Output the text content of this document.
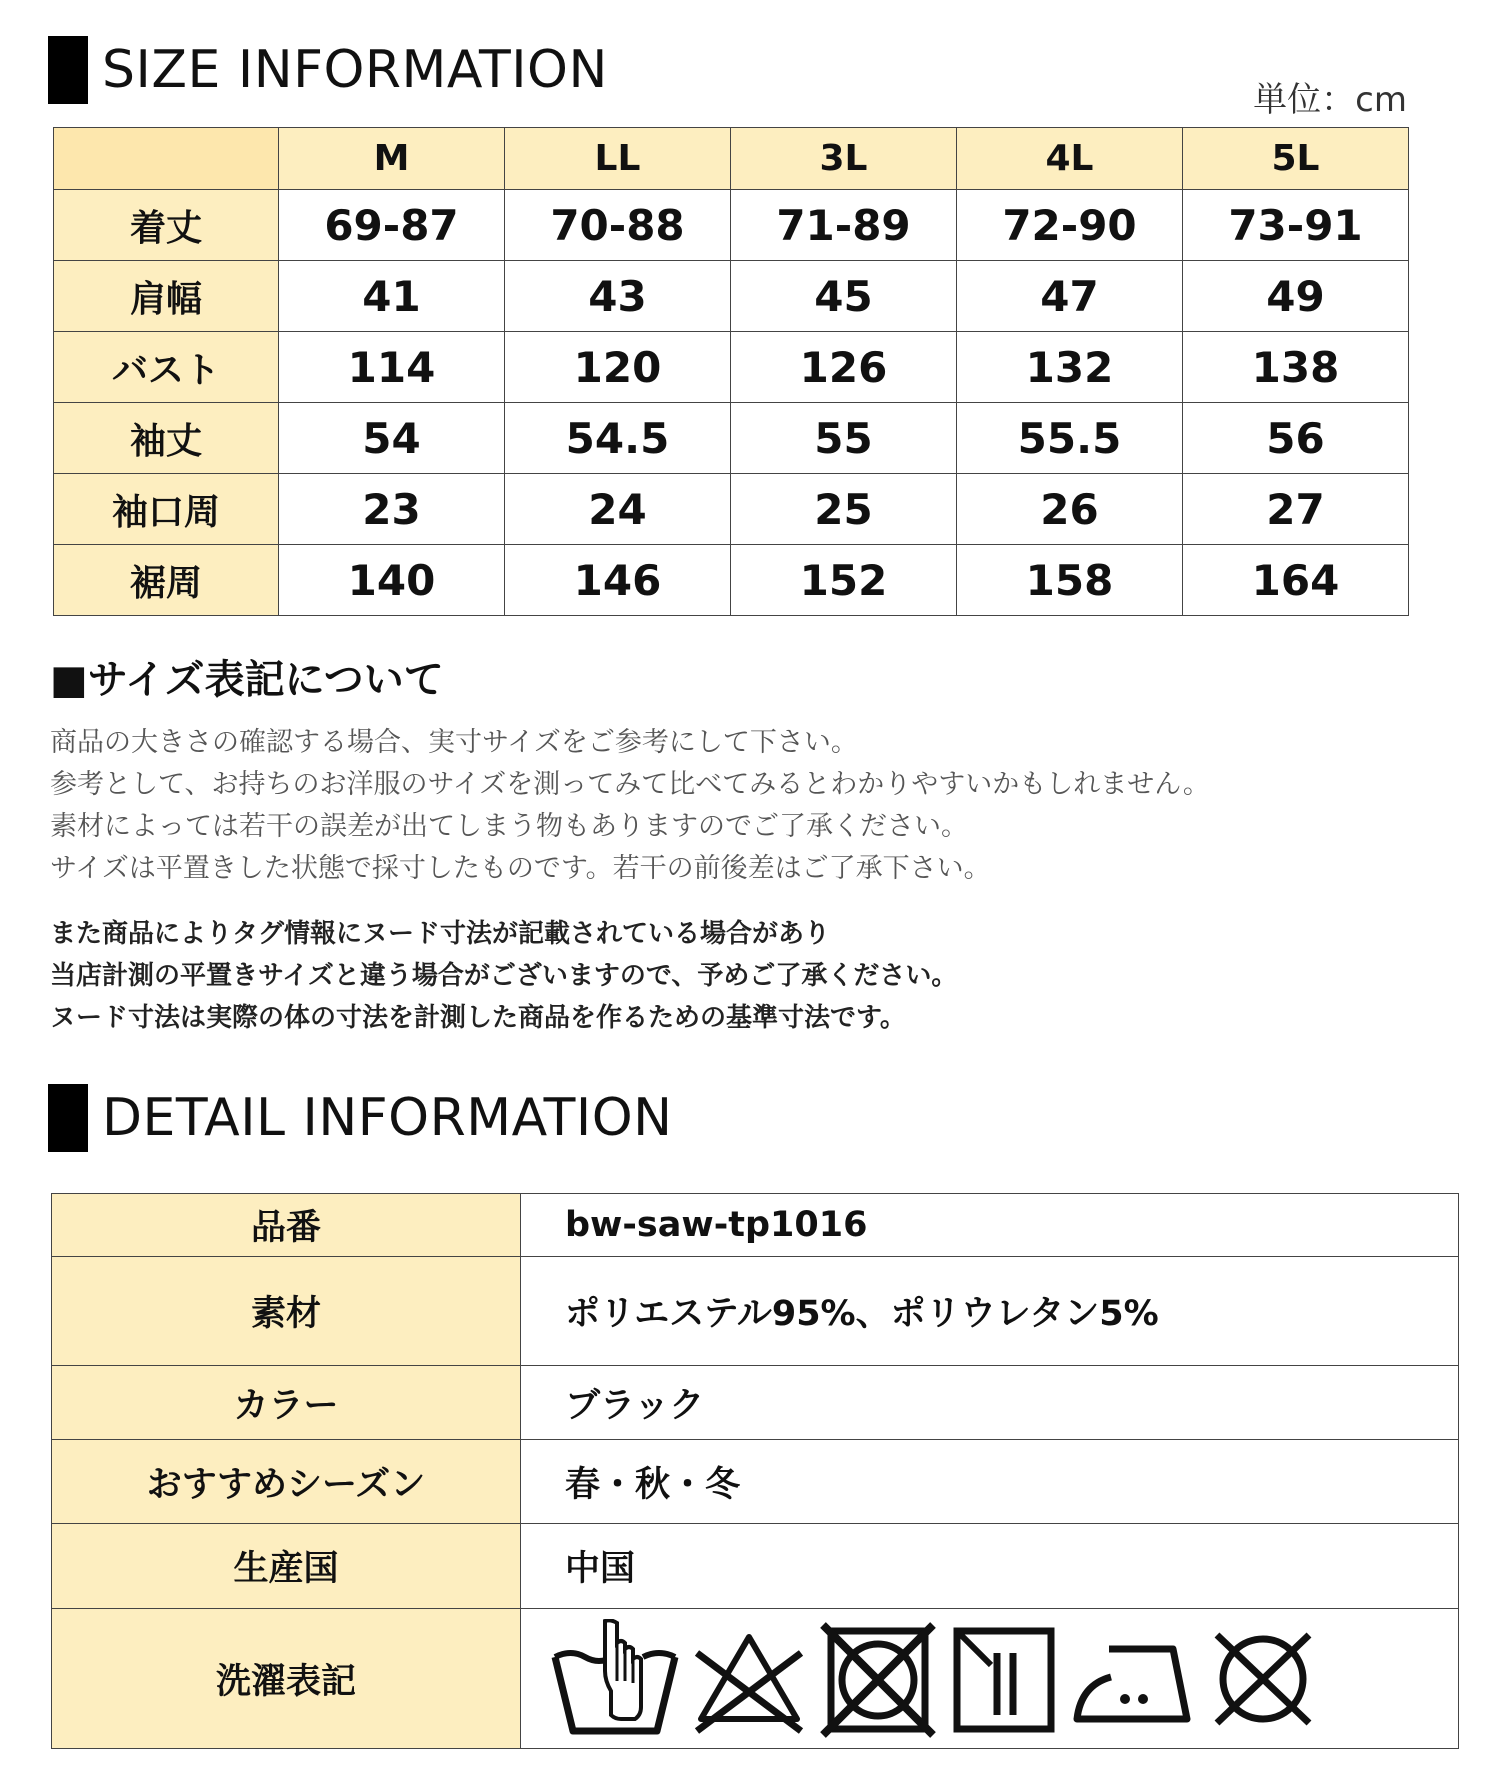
SIZE INFORMATION	単位：cm
	M	LL	3L	4L	5L
着丈	69-87	70-88	71-89	72-90	73-91
肩幅	41	43	45	47	49
バスト	114	120	126	132	138
袖丈	54	54.5	55	55.5	56
袖口周	23	24	25	26	27
裾周	140	146	152	158	164
■サイズ表記について
商品の大きさの確認する場合、実寸サイズをご参考にして下さい。
参考として、お持ちのお洋服のサイズを測ってみて比べてみるとわかりやすいかもしれません。
素材によっては若干の誤差が出てしまう物もありますのでご了承ください。
サイズは平置きした状態で採寸したものです。若干の前後差はご了承下さい。
また商品によりタグ情報にヌード寸法が記載されている場合があり
当店計測の平置きサイズと違う場合がございますので、予めご了承ください。
ヌード寸法は実際の体の寸法を計測した商品を作るための基準寸法です。
DETAIL INFORMATION
品番	bw-saw-tp1016
素材	ポリエステル95%、ポリウレタン5%
カラー	ブラック
おすすめシーズン	春・秋・冬
生産国	中国
洗濯表記	
